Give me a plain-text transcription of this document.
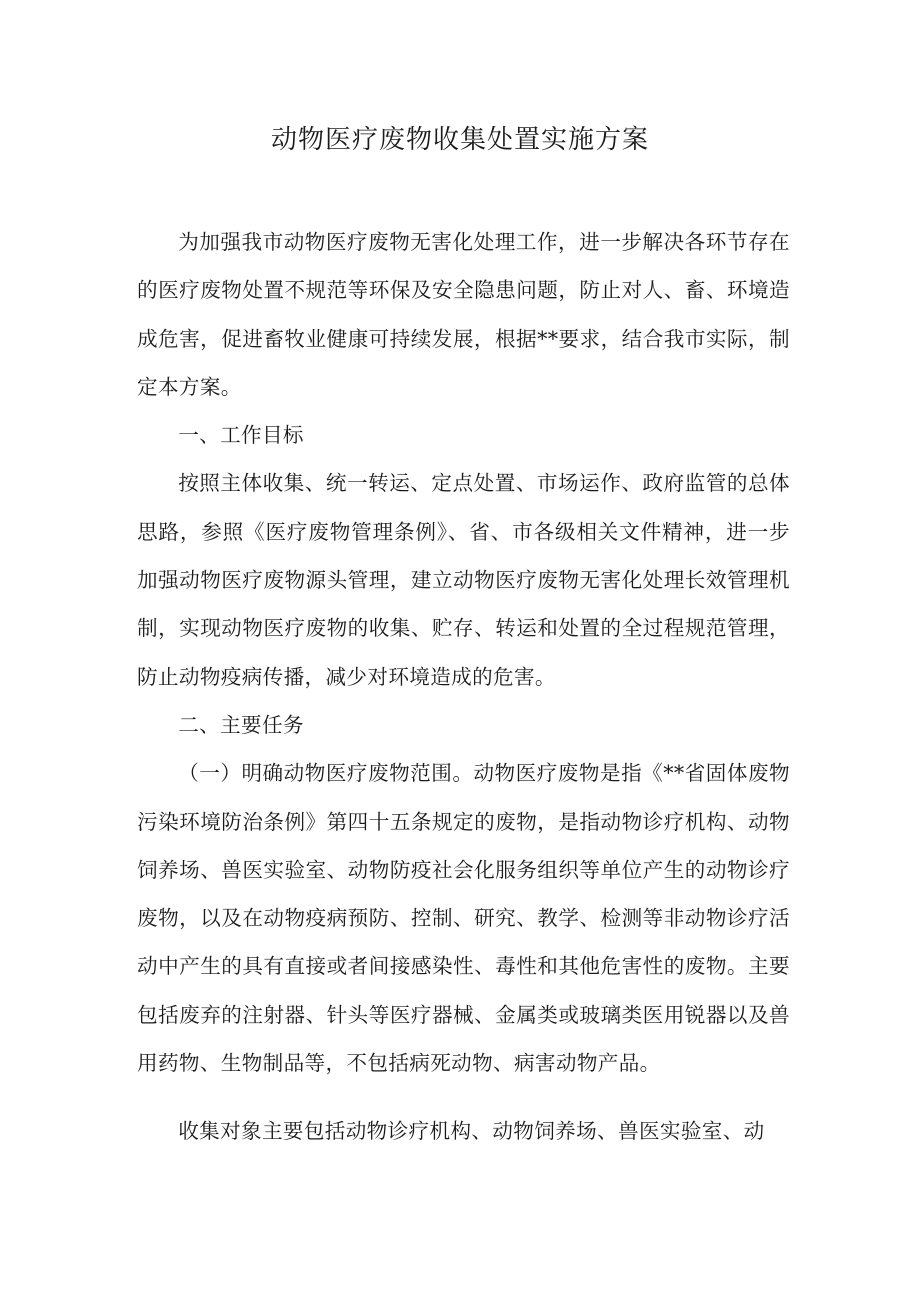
动物医疗废物收集处置实施方案

为加强我市动物医疗废物无害化处理工作，进一步解决各环节存在的医疗废物处置不规范等环保及安全隐患问题，防止对人、畜、环境造成危害，促进畜牧业健康可持续发展，根据**要求，结合我市实际，制定本方案。

一、工作目标

按照主体收集、统一转运、定点处置、市场运作、政府监管的总体思路，参照《医疗废物管理条例》、省、市各级相关文件精神，进一步加强动物医疗废物源头管理，建立动物医疗废物无害化处理长效管理机制，实现动物医疗废物的收集、贮存、转运和处置的全过程规范管理，防止动物疫病传播，减少对环境造成的危害。

二、主要任务

（一）明确动物医疗废物范围。动物医疗废物是指《**省固体废物污染环境防治条例》第四十五条规定的废物，是指动物诊疗机构、动物饲养场、兽医实验室、动物防疫社会化服务组织等单位产生的动物诊疗废物，以及在动物疫病预防、控制、研究、教学、检测等非动物诊疗活动中产生的具有直接或者间接感染性、毒性和其他危害性的废物。主要包括废弃的注射器、针头等医疗器械、金属类或玻璃类医用锐器以及兽用药物、生物制品等，不包括病死动物、病害动物产品。

收集对象主要包括动物诊疗机构、动物饲养场、兽医实验室、动
